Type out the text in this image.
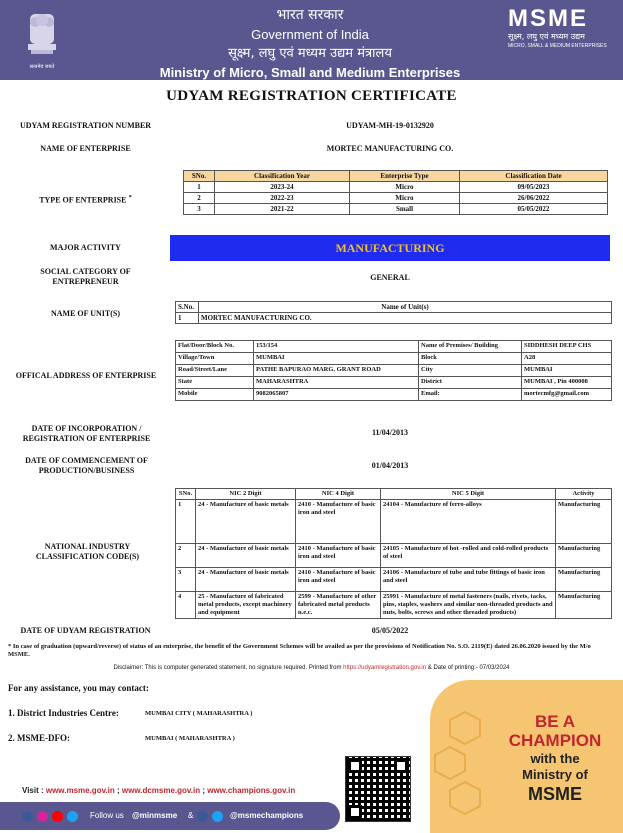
सत्यमेव जयते
भारत सरकार
Government of India
सूक्ष्म, लघु एवं मध्यम उद्यम मंत्रालय
Ministry of Micro, Small and Medium Enterprises
MSME
सूक्ष्म, लघु एवं मध्यम उद्यम
MICRO, SMALL & MEDIUM ENTERPRISES
UDYAM REGISTRATION CERTIFICATE
UDYAM REGISTRATION NUMBER	UDYAM-MH-19-0132920
NAME OF ENTERPRISE	MORTEC MANUFACTURING CO.
TYPE OF ENTERPRISE *
SNo.	Classification Year	Enterprise Type	Classification Date
1	2023-24	Micro	09/05/2023
2	2022-23	Micro	26/06/2022
3	2021-22	Small	05/05/2022
MAJOR ACTIVITY	MANUFACTURING
SOCIAL CATEGORY OF ENTREPRENEUR	GENERAL
NAME OF UNIT(S)
S.No.	Name of Unit(s)
1	MORTEC MANUFACTURING CO.
OFFICAL ADDRESS OF ENTERPRISE
Flat/Door/Block No.	153/154	Name of Premises/ Building	SIDDHESH DEEP CHS
Village/Town	MUMBAI	Block	A28
Road/Street/Lane	PATHE BAPURAO MARG, GRANT ROAD	City	MUMBAI
State	MAHARASHTRA	District	MUMBAI , Pin 400008
Mobile	9082065807	Email:	mortecmfg@gmail.com
DATE OF INCORPORATION / REGISTRATION OF ENTERPRISE
11/04/2013
DATE OF COMMENCEMENT OF PRODUCTION/BUSINESS
01/04/2013
NATIONAL INDUSTRY CLASSIFICATION CODE(S)
SNo.	NIC 2 Digit	NIC 4 Digit	NIC 5 Digit	Activity
1	24 - Manufacture of basic metals	2410 - Manufacture of basic iron and steel	24104 - Manufacture of ferro-alloys	Manufacturing
2	24 - Manufacture of basic metals	2410 - Manufacture of basic iron and steel	24105 - Manufacture of hot -rolled and cold-rolled products of steel	Manufacturing
3	24 - Manufacture of basic metals	2410 - Manufacture of basic iron and steel	24106 - Manufacture of tube and tube fittings of basic iron and steel	Manufacturing
4	25 - Manufacture of fabricated metal products, except machinery and equipment	2599 - Manufacture of other fabricated metal products n.e.c.	25991 - Manufacture of metal fasteners (nails, rivets, tacks, pins, staples, washers and similar non-threaded products and nuts, bolts, screws and other threaded products)	Manufacturing
DATE OF UDYAM REGISTRATION	05/05/2022
* In case of graduation (upward/reverse) of status of an enterprise, the benefit of the Government Schemes will be availed as per the provisions of Notification No. S.O. 2119(E) dated 26.06.2020 issued by the M/o MSME.
Disclaimer: This is computer generated statement, no signature required. Printed from https://udyamregistration.gov.in & Date of printing:- 07/03/2024
For any assistance, you may contact:
1. District Industries Centre:	MUMBAI CITY ( MAHARASHTRA )
2. MSME-DFO:	MUMBAI ( MAHARASHTRA )
BE A
CHAMPION
with the
Ministry of
MSME
Visit : www.msme.gov.in ; www.dcmsme.gov.in ; www.champions.gov.in
Follow us @minmsme &	@msmechampions
